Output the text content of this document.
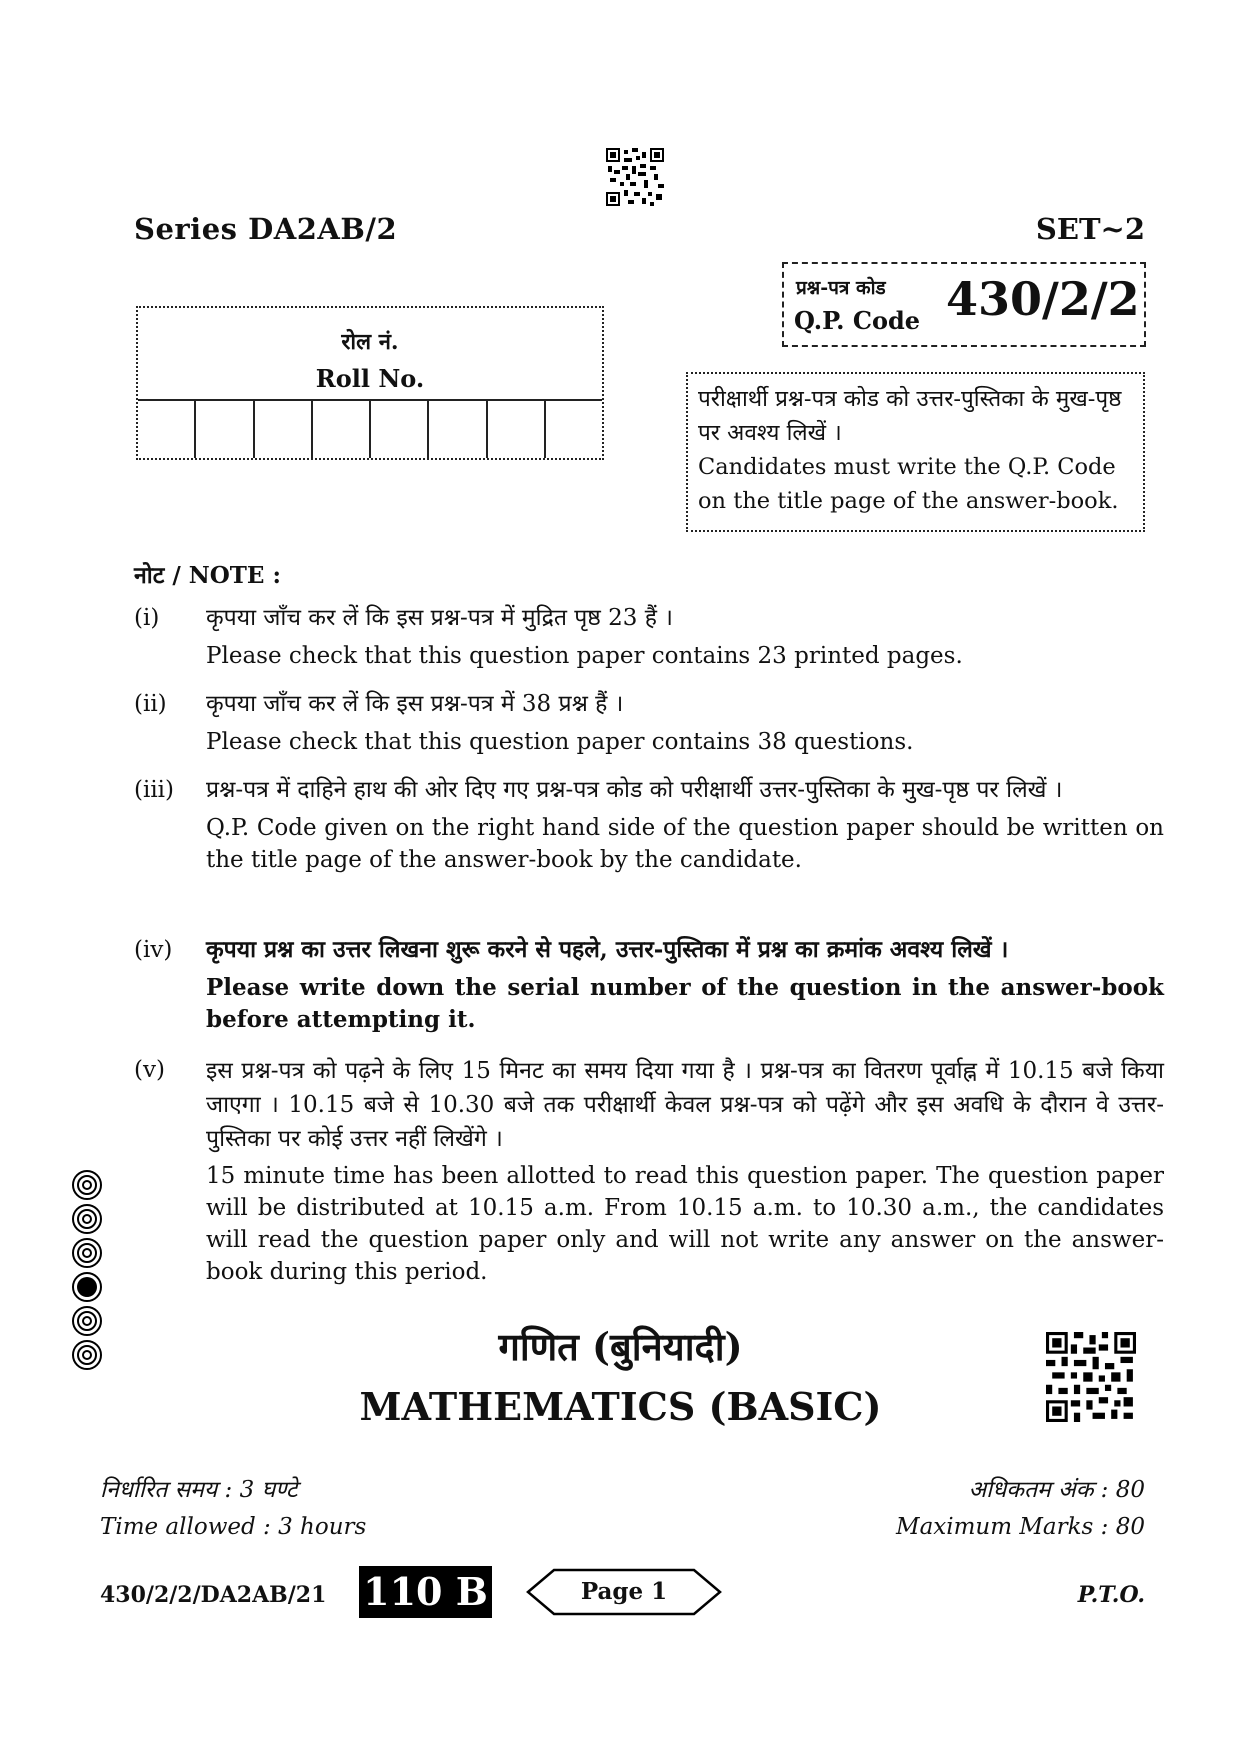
Series DA2AB/2	SET~2
प्रश्न-पत्र कोड
Q.P. Code 430/2/2
रोल नं.
Roll No.
परीक्षार्थी प्रश्न-पत्र कोड को उत्तर-पुस्तिका के मुख-पृष्ठ पर अवश्य लिखें ।
Candidates must write the Q.P. Code on the title page of the answer-book.
नोट / NOTE :
(i)	कृपया जाँच कर लें कि इस प्रश्न-पत्र में मुद्रित पृष्ठ 23 हैं ।
Please check that this question paper contains 23 printed pages.
(ii)	कृपया जाँच कर लें कि इस प्रश्न-पत्र में 38 प्रश्न हैं ।
Please check that this question paper contains 38 questions.
(iii)	प्रश्न-पत्र में दाहिने हाथ की ओर दिए गए प्रश्न-पत्र कोड को परीक्षार्थी उत्तर-पुस्तिका के मुख-पृष्ठ पर लिखें ।
Q.P. Code given on the right hand side of the question paper should be written on the title page of the answer-book by the candidate.
(iv)	कृपया प्रश्न का उत्तर लिखना शुरू करने से पहले, उत्तर-पुस्तिका में प्रश्न का क्रमांक अवश्य लिखें ।
Please write down the serial number of the question in the answer-book before attempting it.
(v)	इस प्रश्न-पत्र को पढ़ने के लिए 15 मिनट का समय दिया गया है । प्रश्न-पत्र का वितरण पूर्वाह्न में 10.15 बजे किया जाएगा । 10.15 बजे से 10.30 बजे तक परीक्षार्थी केवल प्रश्न-पत्र को पढ़ेंगे और इस अवधि के दौरान वे उत्तर-पुस्तिका पर कोई उत्तर नहीं लिखेंगे ।
15 minute time has been allotted to read this question paper. The question paper will be distributed at 10.15 a.m. From 10.15 a.m. to 10.30 a.m., the candidates will read the question paper only and will not write any answer on the answer-book during this period.
गणित (बुनियादी)
MATHEMATICS (BASIC)
निर्धारित समय : 3 घण्टे
Time allowed : 3 hours
अधिकतम अंक : 80
Maximum Marks : 80
430/2/2/DA2AB/21 110 B	Page 1	P.T.O.
